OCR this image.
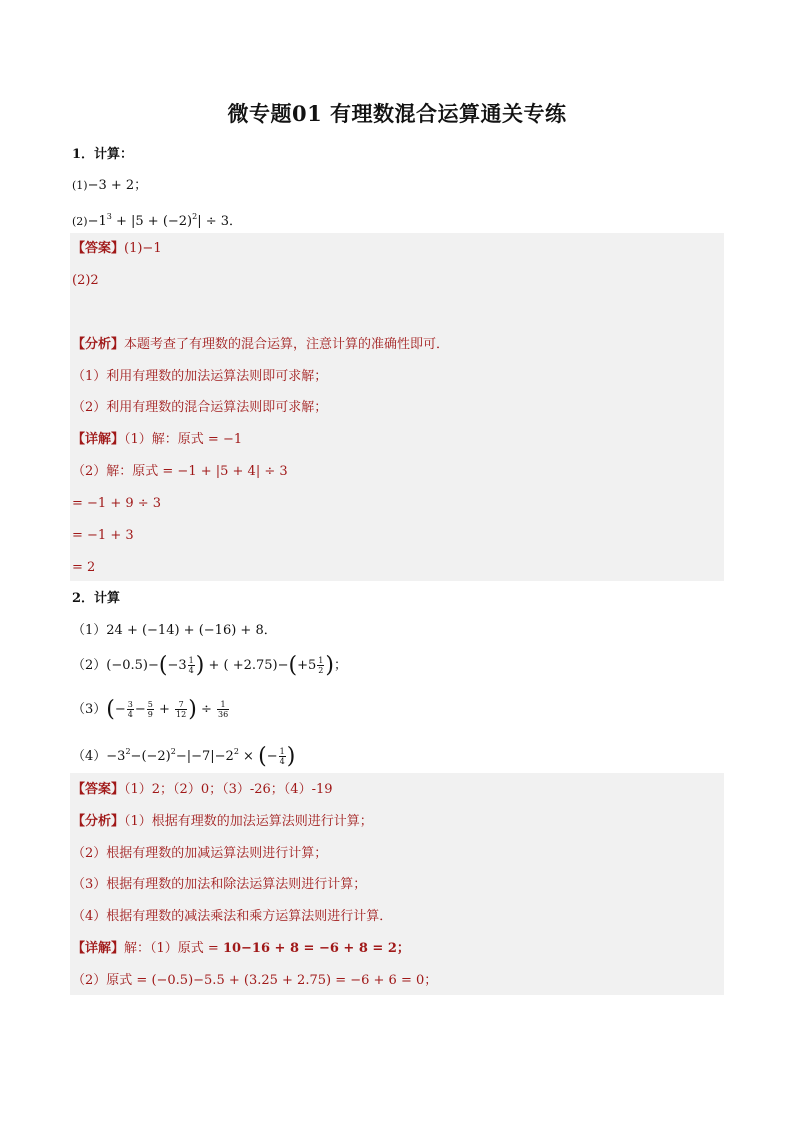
微专题01 有理数混合运算通关专练
1．计算：
(1)−3 + 2；
$(2)-1^3 + |5 + (-2)^2| \div 3$．
【答案】(1)−1
(2)2
【分析】本题考查了有理数的混合运算，注意计算的准确性即可．
（1）利用有理数的加法运算法则即可求解；
（2）利用有理数的混合运算法则即可求解；
【详解】（1）解：原式 = −1
（2）解：原式 = −1 + |5 + 4| ÷ 3
= −1 + 9 ÷ 3
= −1 + 3
= 2
2．计算
（1）24 + (−14) + (−16) + 8．
$(2)(-0.5)-(-3 \frac{1}{4}$ ) + ( $+2.75)-(+5 \frac{1}{2}$ )；
$(3)(- \frac{3}{4} - \frac{5}{9} + \frac{7}{12}$ ) ÷ $\frac{1}{36}$
$(4)-3^2-(-2)^2-|-7|-2^2$ × (− $\frac{1}{4}$ )
【答案】（1）2；（2）0；（3）-26；（4）-19
【分析】（1）根据有理数的加法运算法则进行计算；
（2）根据有理数的加减运算法则进行计算；
（3）根据有理数的加法和除法运算法则进行计算；
（4）根据有理数的减法乘法和乘方运算法则进行计算．
【详解】解：（1）原式 = 10−16 + 8 = −6 + 8 = 2；
（2）原式 = (−0.5)−5.5 + (3.25 + 2.75) = −6 + 6 = 0；
